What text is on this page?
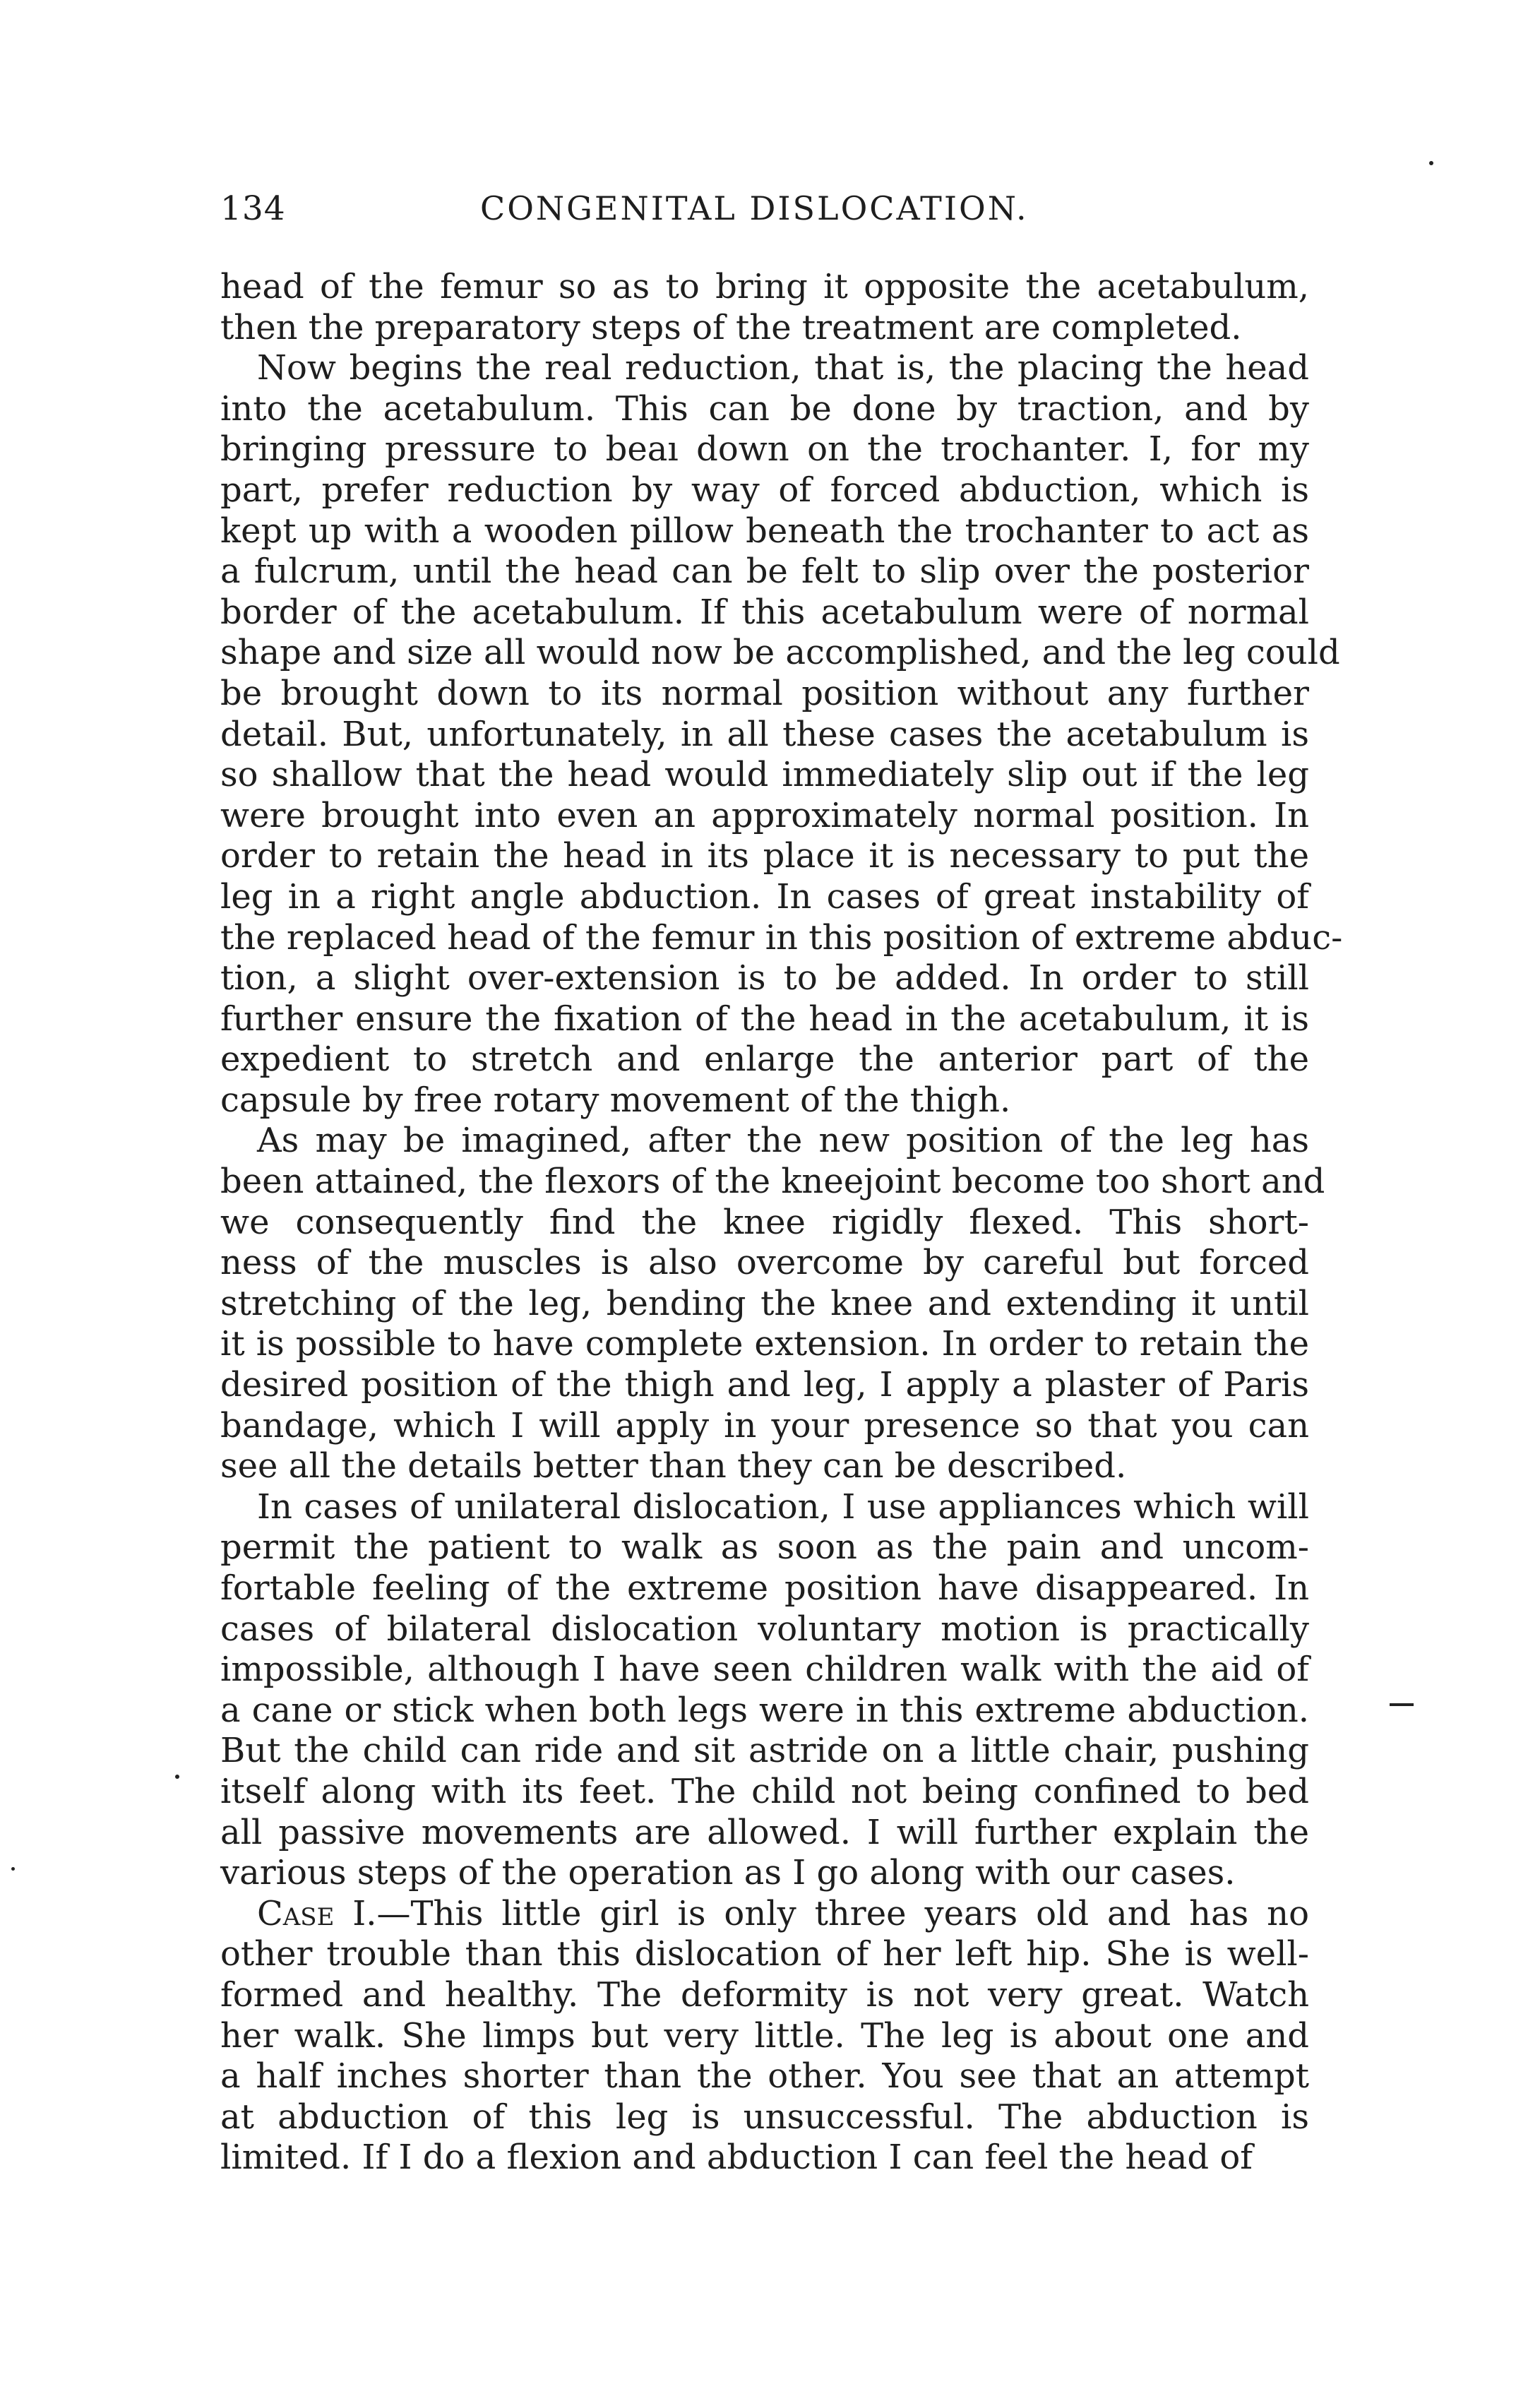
134	CONGENITAL DISLOCATION.

head of the femur so as to bring it opposite the acetabulum,
then the preparatory steps of the treatment are completed.

Now begins the real reduction, that is, the placing the head
into the acetabulum. This can be done by traction, and by
bringing pressure to beaı down on the trochanter. I, for my
part, prefer reduction by way of forced abduction, which is
kept up with a wooden pillow beneath the trochanter to act as
a fulcrum, until the head can be felt to slip over the posterior
border of the acetabulum. If this acetabulum were of normal
shape and size all would now be accomplished, and the leg could
be brought down to its normal position without any further
detail. But, unfortunately, in all these cases the acetabulum is
so shallow that the head would immediately slip out if the leg
were brought into even an approximately normal position. In
order to retain the head in its place it is necessary to put the
leg in a right angle abduction. In cases of great instability of
the replaced head of the femur in this position of extreme abduc-
tion, a slight over-extension is to be added. In order to still
further ensure the fixation of the head in the acetabulum, it is
expedient to stretch and enlarge the anterior part of the
capsule by free rotary movement of the thigh.

As may be imagined, after the new position of the leg has
been attained, the flexors of the kneejoint become too short and
we consequently find the knee rigidly flexed. This short-
ness of the muscles is also overcome by careful but forced
stretching of the leg, bending the knee and extending it until
it is possible to have complete extension. In order to retain the
desired position of the thigh and leg, I apply a plaster of Paris
bandage, which I will apply in your presence so that you can
see all the details better than they can be described.

In cases of unilateral dislocation, I use appliances which will
permit the patient to walk as soon as the pain and uncom-
fortable feeling of the extreme position have disappeared. In
cases of bilateral dislocation voluntary motion is practically
impossible, although I have seen children walk with the aid of
a cane or stick when both legs were in this extreme abduction.
But the child can ride and sit astride on a little chair, pushing
itself along with its feet. The child not being confined to bed
all passive movements are allowed. I will further explain the
various steps of the operation as I go along with our cases.

Case I.—This little girl is only three years old and has no
other trouble than this dislocation of her left hip. She is well-
formed and healthy. The deformity is not very great. Watch
her walk. She limps but very little. The leg is about one and
a half inches shorter than the other. You see that an attempt
at abduction of this leg is unsuccessful. The abduction is
limited. If I do a flexion and abduction I can feel the head of
